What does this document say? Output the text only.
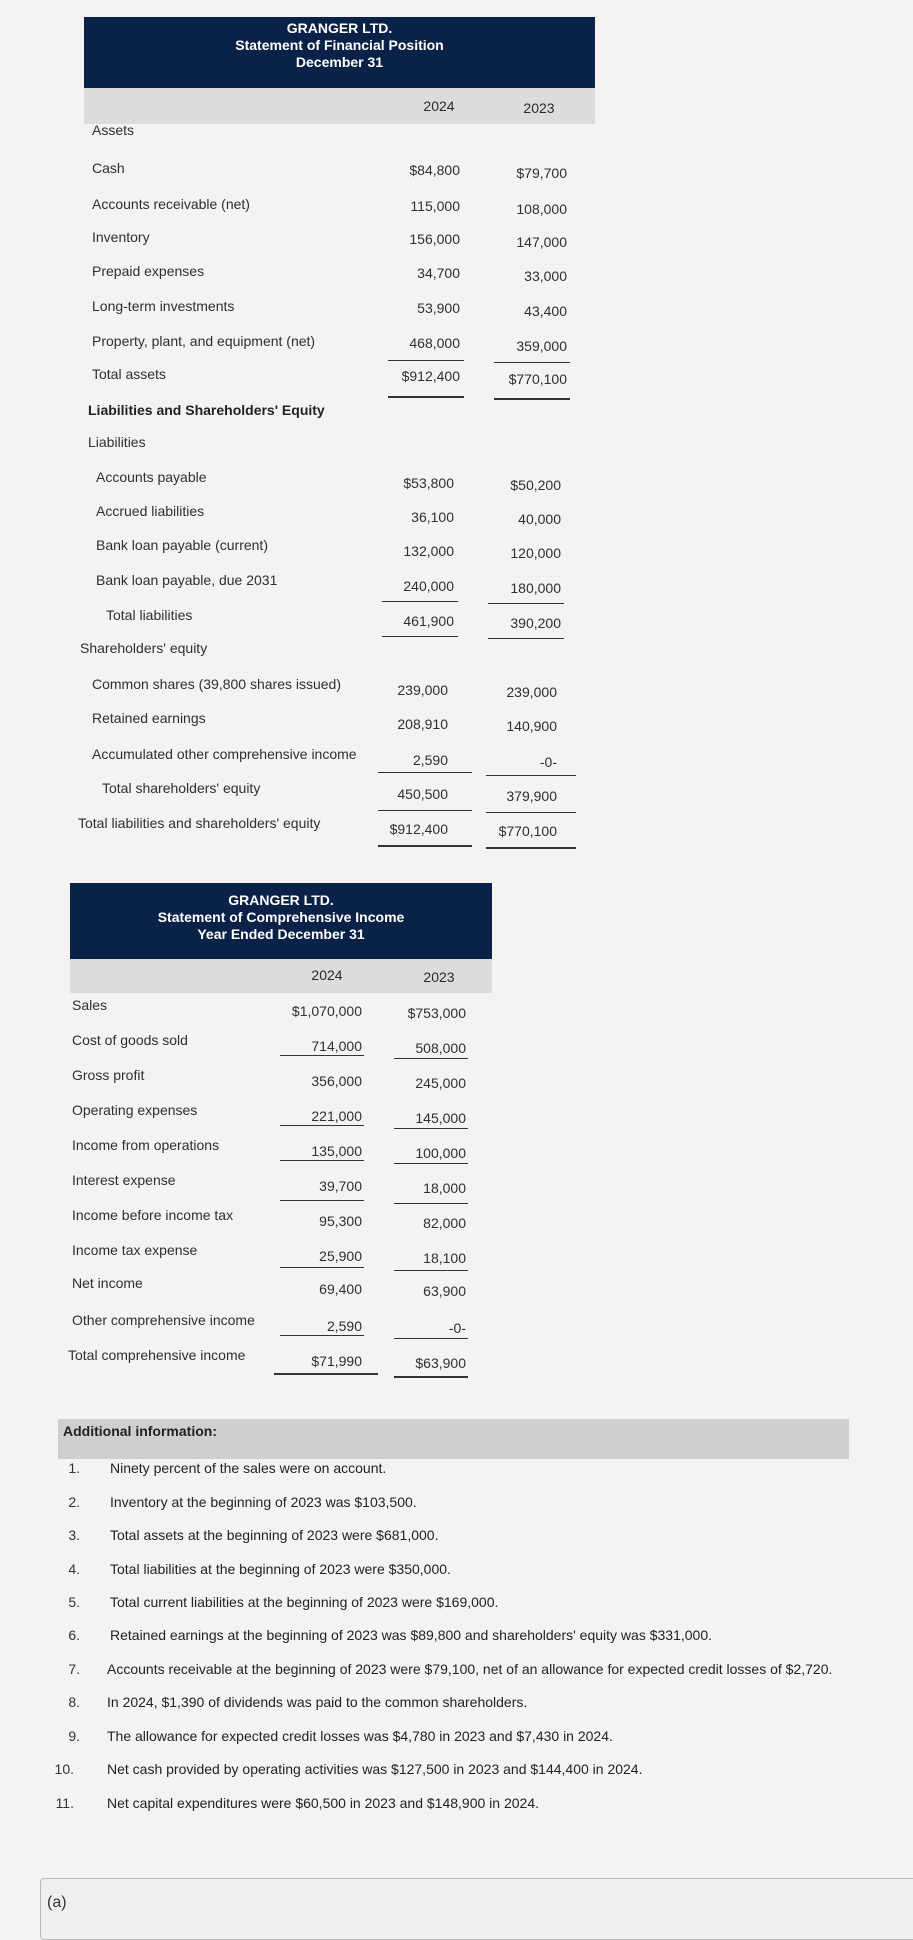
GRANGER LTD.
Statement of Financial Position
December 31
2024	2023
Assets
Cash	$84,800	$79,700
Accounts receivable (net)	115,000	108,000
Inventory	156,000	147,000
Prepaid expenses	34,700	33,000
Long-term investments	53,900	43,400
Property, plant, and equipment (net)	468,000	359,000
Total assets	$912,400	$770,100
Liabilities and Shareholders' Equity
Liabilities
Accounts payable	$53,800	$50,200
Accrued liabilities	36,100	40,000
Bank loan payable (current)	132,000	120,000
Bank loan payable, due 2031	240,000	180,000
Total liabilities	461,900	390,200
Shareholders' equity
Common shares (39,800 shares issued)	239,000	239,000
Retained earnings	208,910	140,900
Accumulated other comprehensive income	2,590	-0-
Total shareholders' equity	450,500	379,900
Total liabilities and shareholders' equity	$912,400	$770,100
GRANGER LTD.
Statement of Comprehensive Income
Year Ended December 31
2024	2023
Sales	$1,070,000	$753,000
Cost of goods sold	714,000	508,000
Gross profit	356,000	245,000
Operating expenses	221,000	145,000
Income from operations	135,000	100,000
Interest expense	39,700	18,000
Income before income tax	95,300	82,000
Income tax expense	25,900	18,100
Net income	69,400	63,900
Other comprehensive income	2,590	-0-
Total comprehensive income	$71,990	$63,900
Additional information:
1. Ninety percent of the sales were on account.
2. Inventory at the beginning of 2023 was $103,500.
3. Total assets at the beginning of 2023 were $681,000.
4. Total liabilities at the beginning of 2023 were $350,000.
5. Total current liabilities at the beginning of 2023 were $169,000.
6. Retained earnings at the beginning of 2023 was $89,800 and shareholders' equity was $331,000.
7. Accounts receivable at the beginning of 2023 were $79,100, net of an allowance for expected credit losses of $2,720.
8. In 2024, $1,390 of dividends was paid to the common shareholders.
9. The allowance for expected credit losses was $4,780 in 2023 and $7,430 in 2024.
10. Net cash provided by operating activities was $127,500 in 2023 and $144,400 in 2024.
11. Net capital expenditures were $60,500 in 2023 and $148,900 in 2024.
(a)
